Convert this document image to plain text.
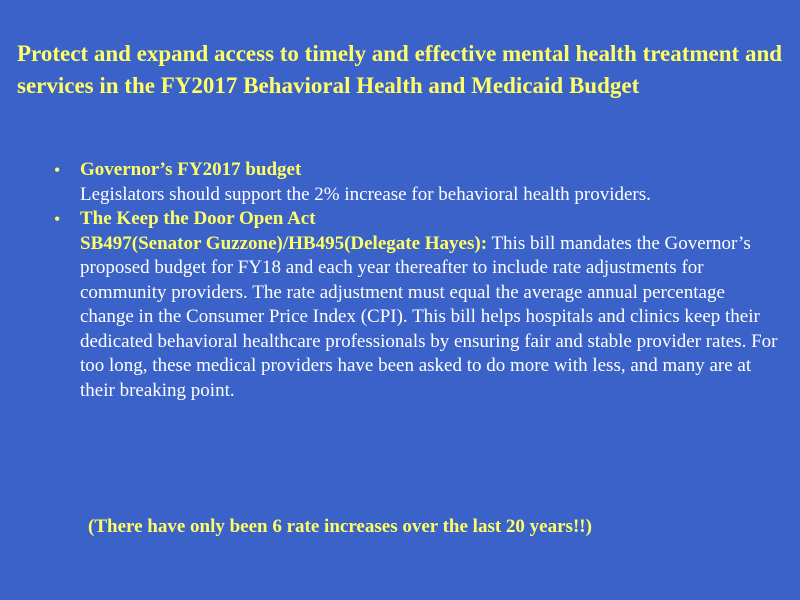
Protect and expand access to timely and effective mental health treatment and services in the FY2017 Behavioral Health and Medicaid Budget
• Governor’s FY2017 budget
Legislators should support the 2% increase for behavioral health providers.
• The Keep the Door Open Act
SB497(Senator Guzzone)/HB495(Delegate Hayes): This bill mandates the Governor’s proposed budget for FY18 and each year thereafter to include rate adjustments for community providers. The rate adjustment must equal the average annual percentage change in the Consumer Price Index (CPI). This bill helps hospitals and clinics keep their dedicated behavioral healthcare professionals by ensuring fair and stable provider rates. For too long, these medical providers have been asked to do more with less, and many are at their breaking point.

(There have only been 6 rate increases over the last 20 years!!)
